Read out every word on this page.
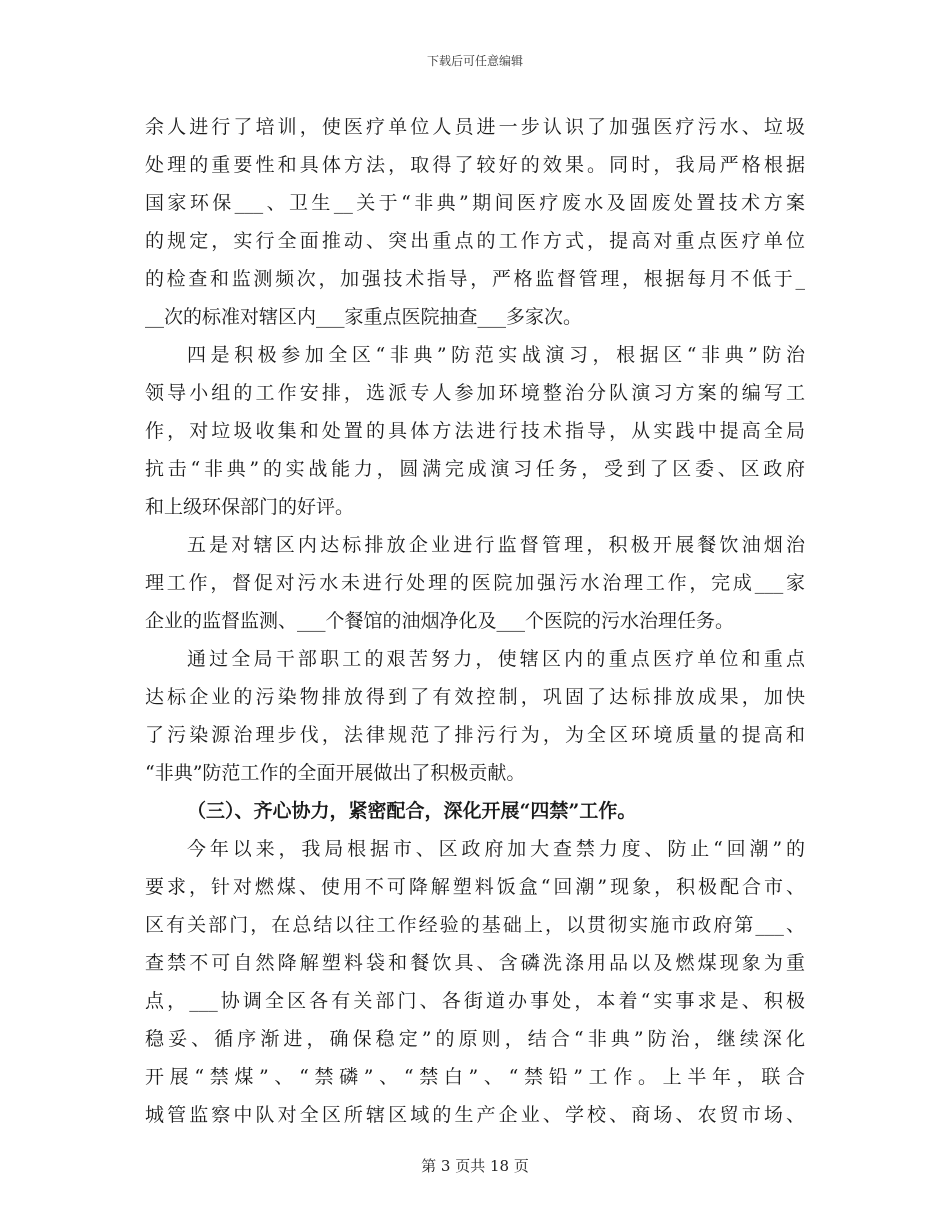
下载后可任意编辑
余人进行了培训，使医疗单位人员进一步认识了加强医疗污水、垃圾
处理的重要性和具体方法，取得了较好的效果。同时，我局严格根据
国家环保___、卫生__关于“非典”期间医疗废水及固废处置技术方案
的规定，实行全面推动、突出重点的工作方式，提高对重点医疗单位
的检查和监测频次，加强技术指导，严格监督管理，根据每月不低于_
__次的标准对辖区内___家重点医院抽查___多家次。
四是积极参加全区“非典”防范实战演习，根据区“非典”防治
领导小组的工作安排，选派专人参加环境整治分队演习方案的编写工
作，对垃圾收集和处置的具体方法进行技术指导，从实践中提高全局
抗击“非典”的实战能力，圆满完成演习任务，受到了区委、区政府
和上级环保部门的好评。
五是对辖区内达标排放企业进行监督管理，积极开展餐饮油烟治
理工作，督促对污水未进行处理的医院加强污水治理工作，完成___家
企业的监督监测、___个餐馆的油烟净化及___个医院的污水治理任务。
通过全局干部职工的艰苦努力，使辖区内的重点医疗单位和重点
达标企业的污染物排放得到了有效控制，巩固了达标排放成果，加快
了污染源治理步伐，法律规范了排污行为，为全区环境质量的提高和
“非典”防范工作的全面开展做出了积极贡献。
（三）、齐心协力，紧密配合，深化开展“四禁”工作。
今年以来，我局根据市、区政府加大查禁力度、防止“回潮”的
要求，针对燃煤、使用不可降解塑料饭盒“回潮”现象，积极配合市、
区有关部门，在总结以往工作经验的基础上，以贯彻实施市政府第___、
查禁不可自然降解塑料袋和餐饮具、含磷洗涤用品以及燃煤现象为重
点，___协调全区各有关部门、各街道办事处，本着“实事求是、积极
稳妥、循序渐进，确保稳定”的原则，结合“非典”防治，继续深化
开展“禁煤”、“禁磷”、“禁白”、“禁铅”工作。上半年，联合
城管监察中队对全区所辖区域的生产企业、学校、商场、农贸市场、
第 3 页共 18 页
